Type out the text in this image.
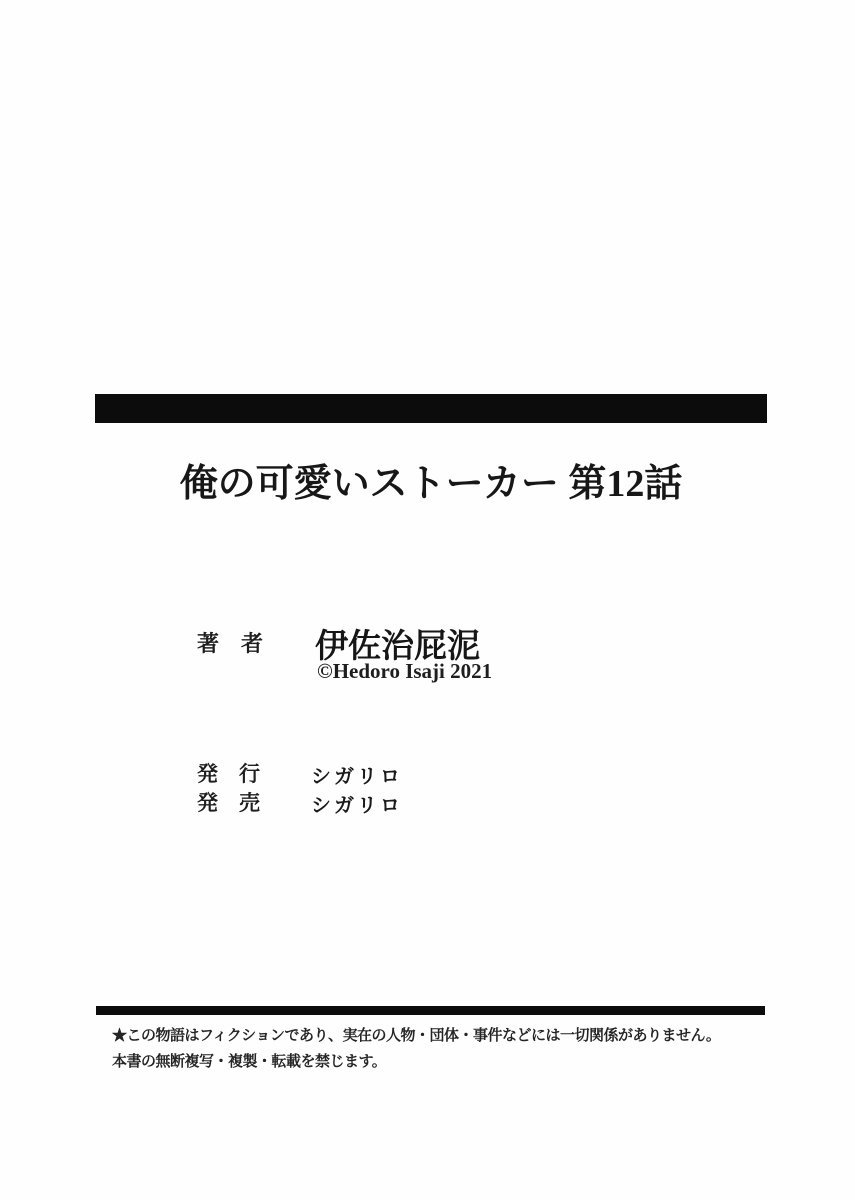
俺の可愛いストーカー 第12話
著　者 伊佐治屁泥
©Hedoro Isaji 2021
発　行	シガリロ
発　売	シガリロ

★この物語はフィクションであり、実在の人物・団体・事件などには一切関係がありません。

本書の無断複写・複製・転載を禁じます。
